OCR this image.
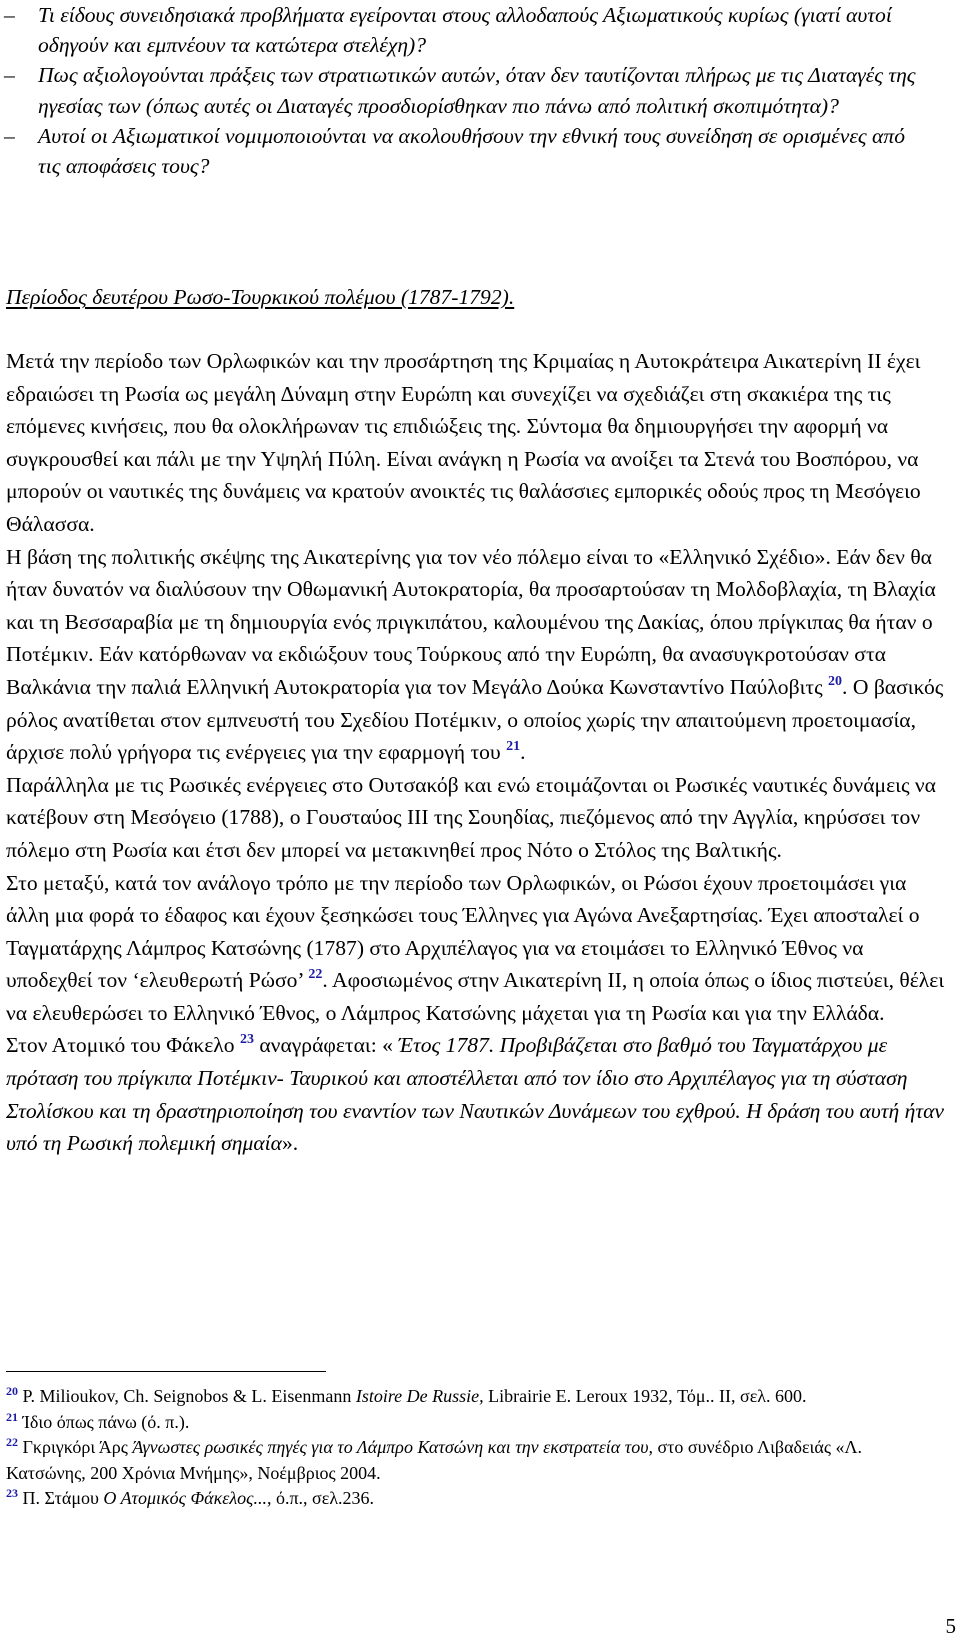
– Τι είδους συνειδησιακά προβλήματα εγείρονται στους αλλοδαπούς Αξιωματικούς κυρίως (γιατί αυτοί οδηγούν και εμπνέουν τα κατώτερα στελέχη)?
– Πως αξιολογούνται πράξεις των στρατιωτικών αυτών, όταν δεν ταυτίζονται πλήρως με τις Διαταγές της ηγεσίας των (όπως αυτές οι Διαταγές προσδιορίσθηκαν πιο πάνω από πολιτική σκοπιμότητα)?
– Αυτοί οι Αξιωματικοί νομιμοποιούνται να ακολουθήσουν την εθνική τους συνείδηση σε ορισμένες από τις αποφάσεις τους?
Περίοδος δευτέρου Ρωσο-Τουρκικού πολέμου (1787-1792).

Μετά την περίοδο των Ορλωφικών και την προσάρτηση της Κριμαίας η Αυτοκράτειρα Αικατερίνη ΙΙ έχει εδραιώσει τη Ρωσία ως μεγάλη Δύναμη στην Ευρώπη και συνεχίζει να σχεδιάζει στη σκακιέρα της τις επόμενες κινήσεις, που θα ολοκλήρωναν τις επιδιώξεις της. Σύντομα θα δημιουργήσει την αφορμή να συγκρουσθεί και πάλι με την Υψηλή Πύλη. Είναι ανάγκη η Ρωσία να ανοίξει τα Στενά του Βοσπόρου, να μπορούν οι ναυτικές της δυνάμεις να κρατούν ανοικτές τις θαλάσσιες εμπορικές οδούς προς τη Μεσόγειο Θάλασσα.

Η βάση της πολιτικής σκέψης της Αικατερίνης για τον νέο πόλεμο είναι το «Ελληνικό Σχέδιο». Εάν δεν θα ήταν δυνατόν να διαλύσουν την Οθωμανική Αυτοκρατορία, θα προσαρτούσαν τη Μολδοβλαχία, τη Βλαχία και τη Βεσσαραβία με τη δημιουργία ενός πριγκιπάτου, καλουμένου της Δακίας, όπου πρίγκιπας θα ήταν ο Ποτέμκιν. Εάν κατόρθωναν να εκδιώξουν τους Τούρκους από την Ευρώπη, θα ανασυγκροτούσαν στα Βαλκάνια την παλιά Ελληνική Αυτοκρατορία για τον Μεγάλο Δούκα Κωνσταντίνο Παύλοβιτς $^{20}$. Ο βασικός ρόλος ανατίθεται στον εμπνευστή του Σχεδίου Ποτέμκιν, ο οποίος χωρίς την απαιτούμενη προετοιμασία, άρχισε πολύ γρήγορα τις ενέργειες για την εφαρμογή του $^{21}$.

Παράλληλα με τις Ρωσικές ενέργειες στο Ουτσακόβ και ενώ ετοιμάζονται οι Ρωσικές ναυτικές δυνάμεις να κατέβουν στη Μεσόγειο (1788), ο Γουσταύος ΙΙΙ της Σουηδίας, πιεζόμενος από την Αγγλία, κηρύσσει τον πόλεμο στη Ρωσία και έτσι δεν μπορεί να μετακινηθεί προς Νότο ο Στόλος της Βαλτικής.

Στο μεταξύ, κατά τον ανάλογο τρόπο με την περίοδο των Ορλωφικών, οι Ρώσοι έχουν προετοιμάσει για άλλη μια φορά το έδαφος και έχουν ξεσηκώσει τους Έλληνες για Αγώνα Ανεξαρτησίας. Έχει αποσταλεί ο Ταγματάρχης Λάμπρος Κατσώνης (1787) στο Αρχιπέλαγος για να ετοιμάσει το Ελληνικό Έθνος να υποδεχθεί τον ‘ελευθερωτή Ρώσο’ $^{22}$. Αφοσιωμένος στην Αικατερίνη ΙΙ, η οποία όπως ο ίδιος πιστεύει, θέλει να ελευθερώσει το Ελληνικό Έθνος, ο Λάμπρος Κατσώνης μάχεται για τη Ρωσία και για την Ελλάδα.

Στον Ατομικό του Φάκελο $^{23}$ αναγράφεται: « Έτος 1787. Προβιβάζεται στο βαθμό του Ταγματάρχου με πρόταση του πρίγκιπα Ποτέμκιν- Ταυρικού και αποστέλλεται από τον ίδιο στο Αρχιπέλαγος για τη σύσταση Στολίσκου και τη δραστηριοποίηση του εναντίον των Ναυτικών Δυνάμεων του εχθρού. Η δράση του αυτή ήταν υπό τη Ρωσική πολεμική σημαία».

$^{20}$ P. Milioukov, Ch. Seignobos & L. Eisenmann Istoire De Russie, Librairie E. Leroux 1932, Τόμ.. ΙΙ, σελ. 600.

$^{21}$ Ίδιο όπως πάνω (ό. π.).

$^{22}$ Γκριγκόρι Άρς Άγνωστες ρωσικές πηγές για το Λάμπρο Κατσώνη και την εκστρατεία του, στο συνέδριο Λιβαδειάς «Λ. Κατσώνης, 200 Χρόνια Μνήμης», Νοέμβριος 2004.

$^{23}$ Π. Στάμου Ο Ατομικός Φάκελος..., ό.π., σελ.236.

5
